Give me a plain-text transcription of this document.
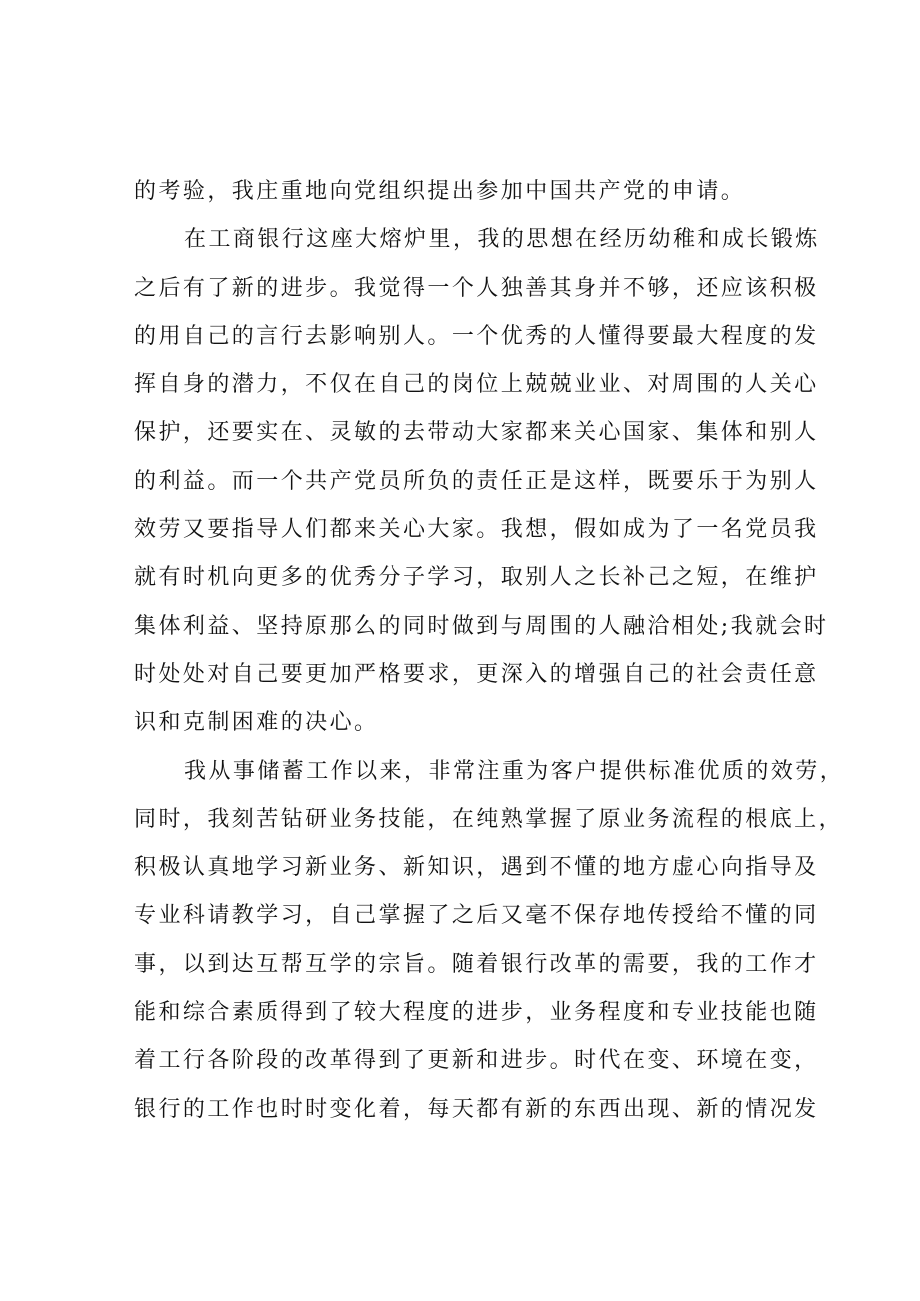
的考验，我庄重地向党组织提出参加中国共产党的申请。
在工商银行这座大熔炉里，我的思想在经历幼稚和成长锻炼
之后有了新的进步。我觉得一个人独善其身并不够，还应该积极
的用自己的言行去影响别人。一个优秀的人懂得要最大程度的发
挥自身的潜力，不仅在自己的岗位上兢兢业业、对周围的人关心
保护，还要实在、灵敏的去带动大家都来关心国家、集体和别人
的利益。而一个共产党员所负的责任正是这样，既要乐于为别人
效劳又要指导人们都来关心大家。我想，假如成为了一名党员我
就有时机向更多的优秀分子学习，取别人之长补己之短，在维护
集体利益、坚持原那么的同时做到与周围的人融洽相处;我就会时
时处处对自己要更加严格要求，更深入的增强自己的社会责任意
识和克制困难的决心。
我从事储蓄工作以来，非常注重为客户提供标准优质的效劳，
同时，我刻苦钻研业务技能，在纯熟掌握了原业务流程的根底上，
积极认真地学习新业务、新知识，遇到不懂的地方虚心向指导及
专业科请教学习，自己掌握了之后又毫不保存地传授给不懂的同
事，以到达互帮互学的宗旨。随着银行改革的需要，我的工作才
能和综合素质得到了较大程度的进步，业务程度和专业技能也随
着工行各阶段的改革得到了更新和进步。时代在变、环境在变，
银行的工作也时时变化着，每天都有新的东西出现、新的情况发
